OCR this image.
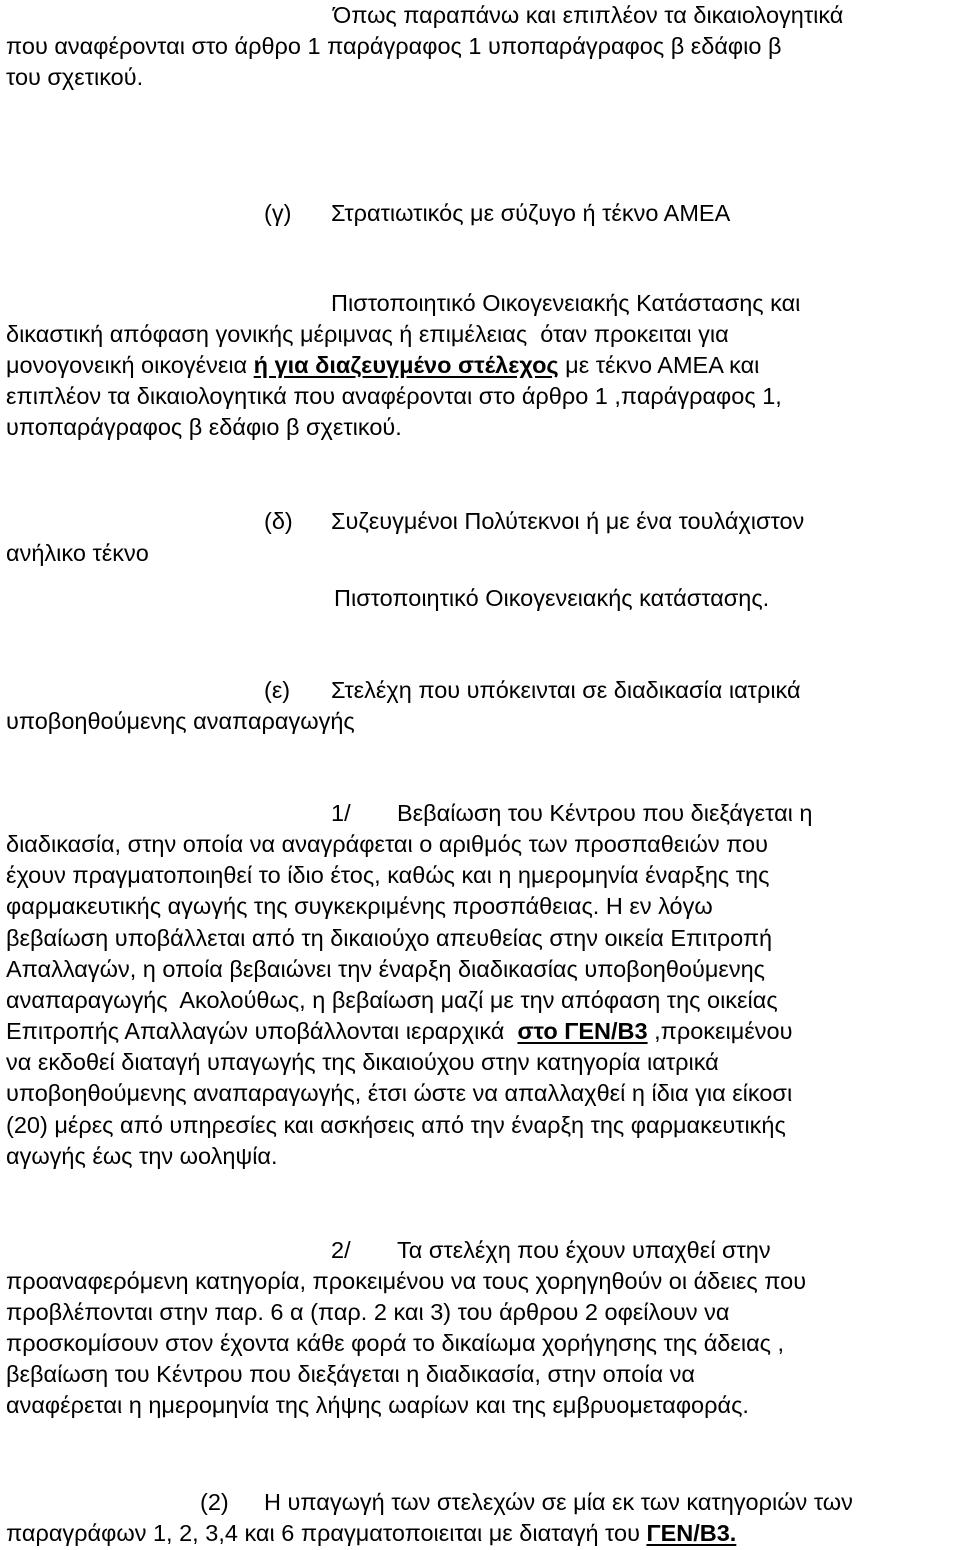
Όπως παραπάνω και επιπλέον τα δικαιολογητικά
που αναφέρονται στο άρθρο 1 παράγραφος 1 υποπαράγραφος β εδάφιο β
του σχετικού.
(γ) Στρατιωτικός με σύζυγο ή τέκνο ΑΜΕΑ
Πιστοποιητικό Οικογενειακής Κατάστασης και
δικαστική απόφαση γονικής μέριμνας ή επιμέλειας  όταν προκειται για
μονογονεική οικογένεια ή για διαζευγμένο στέλεχος με τέκνο ΑΜΕΑ και
επιπλέον τα δικαιολογητικά που αναφέρονται στο άρθρο 1 ,παράγραφος 1,
υποπαράγραφος β εδάφιο β σχετικού.
(δ) Συζευγμένοι Πολύτεκνοι ή με ένα τουλάχιστον
ανήλικο τέκνο
Πιστοποιητικό Οικογενειακής κατάστασης.
(ε) Στελέχη που υπόκεινται σε διαδικασία ιατρικά
υποβοηθούμενης αναπαραγωγής
1/ Βεβαίωση του Κέντρου που διεξάγεται η
διαδικασία, στην οποία να αναγράφεται ο αριθμός των προσπαθειών που
έχουν πραγματοποιηθεί το ίδιο έτος, καθώς και η ημερομηνία έναρξης της
φαρμακευτικής αγωγής της συγκεκριμένης προσπάθειας. Η εν λόγω
βεβαίωση υποβάλλεται από τη δικαιούχο απευθείας στην οικεία Επιτροπή
Απαλλαγών, η οποία βεβαιώνει την έναρξη διαδικασίας υποβοηθούμενης
αναπαραγωγής  Ακολούθως, η βεβαίωση μαζί με την απόφαση της οικείας
Επιτροπής Απαλλαγών υποβάλλονται ιεραρχικά  στο ΓΕΝ/Β3 ,προκειμένου
να εκδοθεί διαταγή υπαγωγής της δικαιούχου στην κατηγορία ιατρικά
υποβοηθούμενης αναπαραγωγής, έτσι ώστε να απαλλαχθεί η ίδια για είκοσι
(20) μέρες από υπηρεσίες και ασκήσεις από την έναρξη της φαρμακευτικής
αγωγής έως την ωοληψία.
2/ Τα στελέχη που έχουν υπαχθεί στην
προαναφερόμενη κατηγορία, προκειμένου να τους χορηγηθούν οι άδειες που
προβλέπονται στην παρ. 6 α (παρ. 2 και 3) του άρθρου 2 οφείλουν να
προσκομίσουν στον έχοντα κάθε φορά το δικαίωμα χορήγησης της άδειας ,
βεβαίωση του Κέντρου που διεξάγεται η διαδικασία, στην οποία να
αναφέρεται η ημερομηνία της λήψης ωαρίων και της εμβρυομεταφοράς.
(2) Η υπαγωγή των στελεχών σε μία εκ των κατηγοριών των
παραγράφων 1, 2, 3,4 και 6 πραγματοποιειται με διαταγή του ΓΕΝ/Β3.
